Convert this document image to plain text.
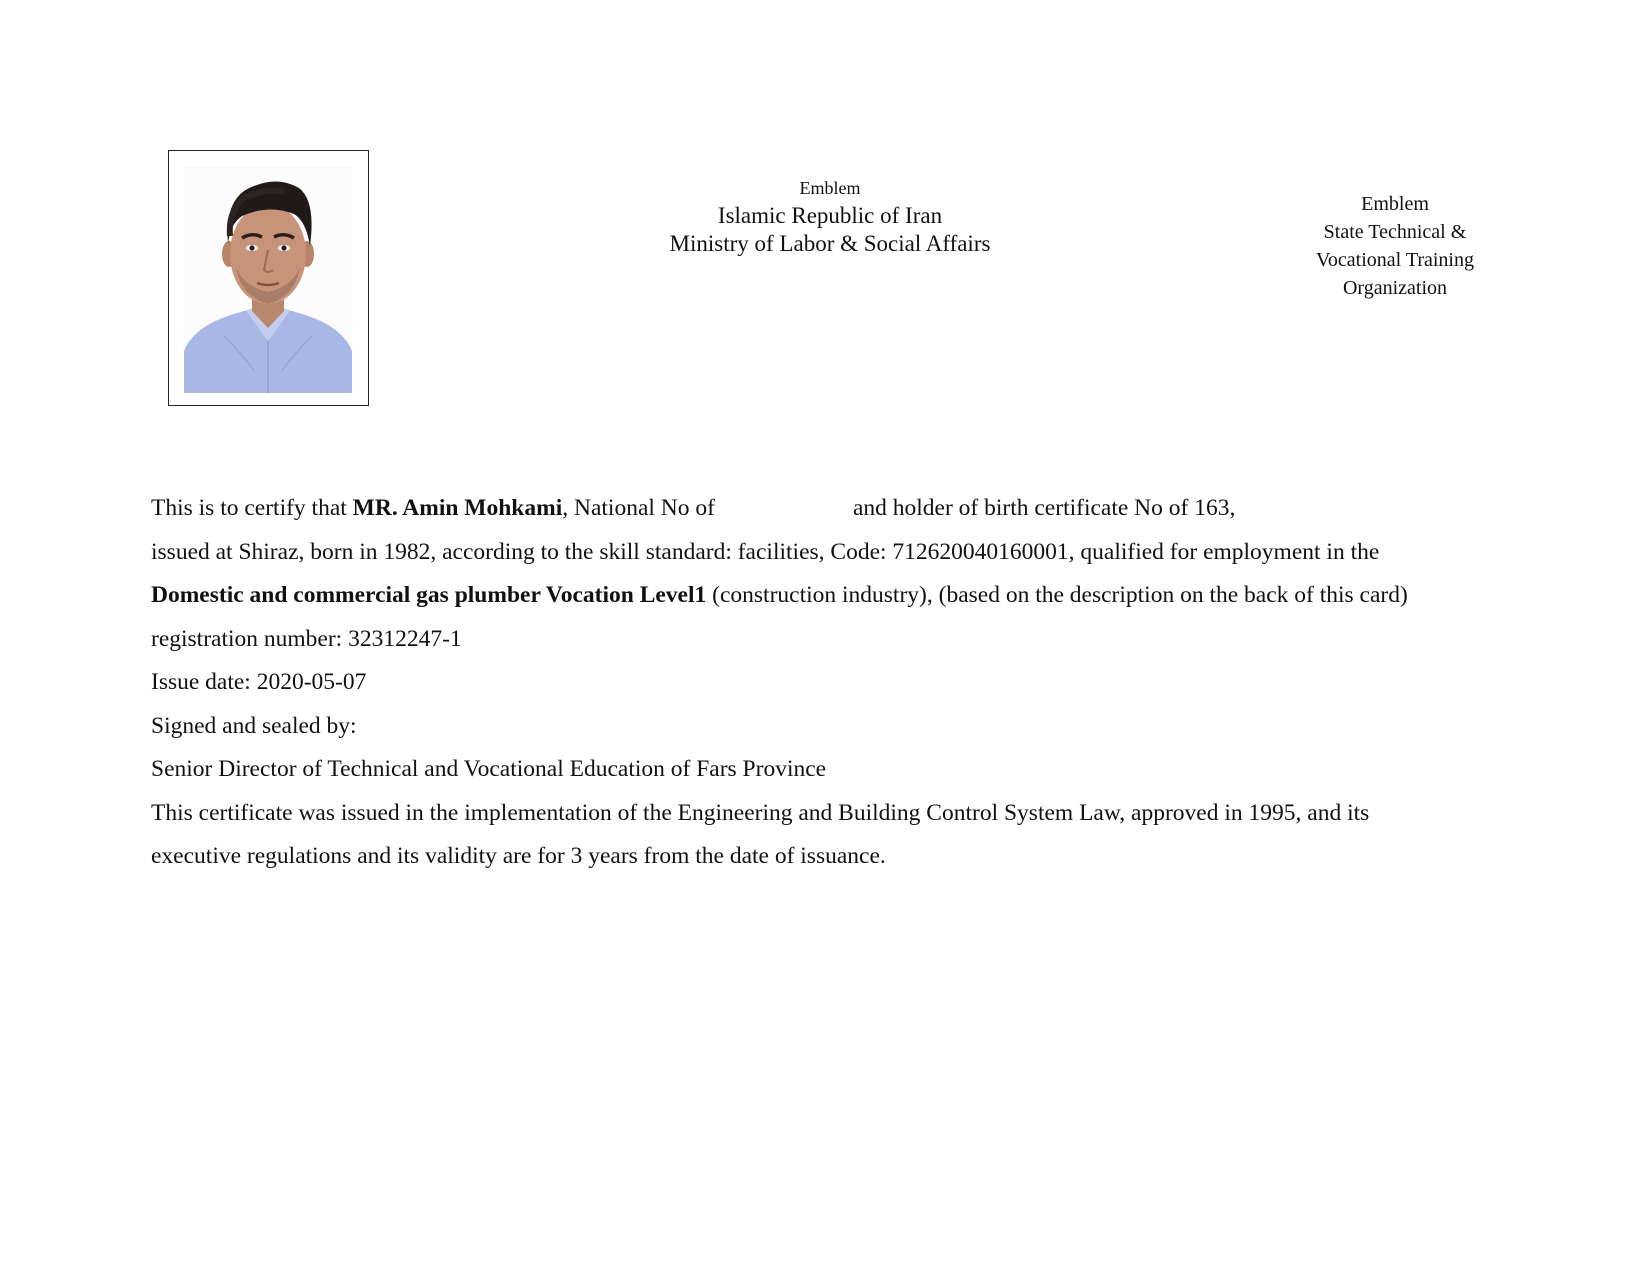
Emblem
Islamic Republic of Iran
Ministry of Labor & Social Affairs
Emblem
State Technical &
Vocational Training
Organization
This is to certify that MR. Amin Mohkami, National No of	and holder of birth certificate No of 163,
issued at Shiraz, born in 1982, according to the skill standard: facilities, Code: 712620040160001, qualified for employment in the
Domestic and commercial gas plumber Vocation Level1 (construction industry), (based on the description on the back of this card)
registration number: 32312247-1
Issue date: 2020-05-07
Signed and sealed by:
Senior Director of Technical and Vocational Education of Fars Province
This certificate was issued in the implementation of the Engineering and Building Control System Law, approved in 1995, and its
executive regulations and its validity are for 3 years from the date of issuance.
